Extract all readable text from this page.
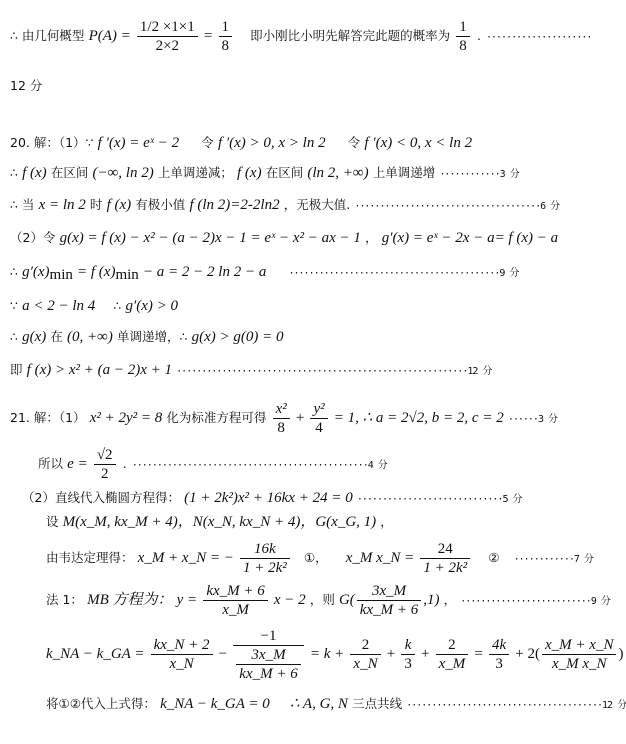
∴ 由几何概型 $P(A) = \frac{1/2 \times 1\times 1}{2\times 2} = \frac{1}{8}$ 即小刚比小明先解答完此题的概率为 $\frac{1}{8}$ . ·····················
12 分
20. 解：（1）∵ f ′(x) = eˣ − 2 令 f ′(x) > 0, x > ln 2 令 f ′(x) < 0, x < ln 2
∴ f (x) 在区间 (−∞, ln 2) 上单调递减； f (x) 在区间 (ln 2, +∞) 上单调递增 ············3 分
∴ 当 x = ln 2 时 f (x) 有极小值 f (ln 2)=2-2ln2 ，无极大值. ·····································6 分
（2）令 g(x) = f (x) − x² − (a − 2)x − 1 = eˣ − x² − ax − 1 ， g′(x) = eˣ − 2x − a= f (x) − a
∴ $g'(x)_{min} = f$ $(x)_{min} - a = 2 - 2$ ln 2 − a ··········································9 分
∵ a < 2 − ln 4 ∴ g′(x) > 0
∴ g(x) 在 (0, +∞) 单调递增，∴ g(x) > g(0) = 0
即 f (x) > x² + (a − 2)x + 1 ··························································12 分
21. 解：（1） x² + 2y² = 8 化为标准方程可得 $\frac{\text{x²}}{8} + \frac{\text{y²}}{4} = 1$, ∴ a = 2√2, b = 2, c = 2 ······3 分
所以 $e = \frac{√2}{2}$ . ···············································4 分
（2）直线代入椭圆方程得： (1 + 2k²)x² + 16kx + 24 = 0 ·····························5 分
设 M(x_M, kx_M + 4)，N(x_N, kx_N + 4)，G(x_G, 1) ，
由韦达定理得： x_M + x_N = − $\frac{16k}{\text{1 + 2k²}}$ ①， x_M x_N = $\frac{24}{\text{1 + 2k²}}$ ② ············7 分
法 1： MB 方程为： $y = \frac{kx\_M + 6}{x\_M}$ x − 2 ，则 $G( \frac{3x\_M}{kx\_M + 6} ,1)$ ， ··························9 分
k_NA − k_GA = $\frac{kx\_N + 2}{x\_N} - \frac{-1}{\frac{3x\_M}{kx\_M + 6}} = k + \frac{2}{x\_N} + \frac{k}{3} + \frac{2}{x\_M} = \frac{4k}{3} + 2( \frac{x\_M + x\_N}{\text{x\_M x\_N}}$ )
将①②代入上式得： k_NA − k_GA = 0 ∴ A, G, N 三点共线 ·······································12 分
